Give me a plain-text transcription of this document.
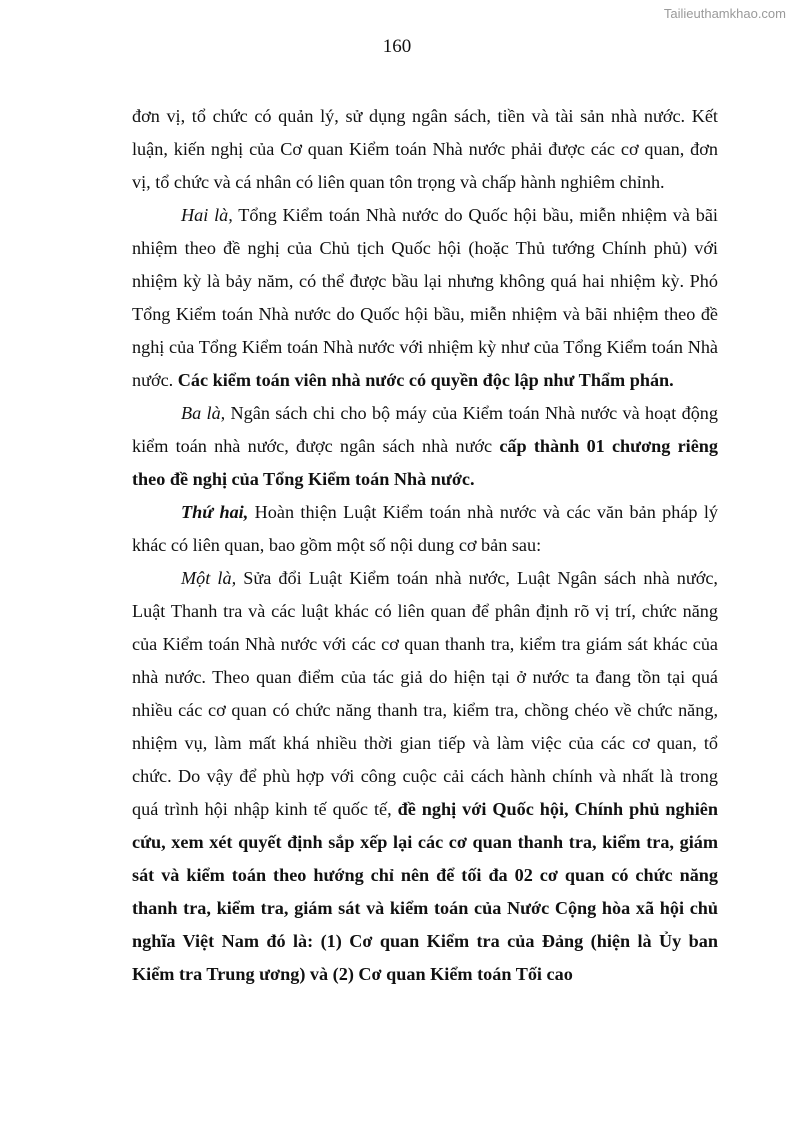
Tailieuthamkhao.com
160

đơn vị, tổ chức có quản lý, sử dụng ngân sách, tiền và tài sản nhà nước. Kết luận, kiến nghị của Cơ quan Kiểm toán Nhà nước phải được các cơ quan, đơn vị, tổ chức và cá nhân có liên quan tôn trọng và chấp hành nghiêm chỉnh.

Hai là, Tổng Kiểm toán Nhà nước do Quốc hội bầu, miễn nhiệm và bãi nhiệm theo đề nghị của Chủ tịch Quốc hội (hoặc Thủ tướng Chính phủ) với nhiệm kỳ là bảy năm, có thể được bầu lại nhưng không quá hai nhiệm kỳ. Phó Tổng Kiểm toán Nhà nước do Quốc hội bầu, miễn nhiệm và bãi nhiệm theo đề nghị của Tổng Kiểm toán Nhà nước với nhiệm kỳ như của Tổng Kiểm toán Nhà nước. Các kiểm toán viên nhà nước có quyền độc lập như Thẩm phán.

Ba là, Ngân sách chi cho bộ máy của Kiểm toán Nhà nước và hoạt động kiểm toán nhà nước, được ngân sách nhà nước cấp thành 01 chương riêng theo đề nghị của Tổng Kiểm toán Nhà nước.

Thứ hai, Hoàn thiện Luật Kiểm toán nhà nước và các văn bản pháp lý khác có liên quan, bao gồm một số nội dung cơ bản sau:

Một là, Sửa đổi Luật Kiểm toán nhà nước, Luật Ngân sách nhà nước, Luật Thanh tra và các luật khác có liên quan để phân định rõ vị trí, chức năng của Kiểm toán Nhà nước với các cơ quan thanh tra, kiểm tra giám sát khác của nhà nước. Theo quan điểm của tác giả do hiện tại ở nước ta đang tồn tại quá nhiều các cơ quan có chức năng thanh tra, kiểm tra, chồng chéo về chức năng, nhiệm vụ, làm mất khá nhiều thời gian tiếp và làm việc của các cơ quan, tổ chức. Do vậy để phù hợp với công cuộc cải cách hành chính và nhất là trong quá trình hội nhập kinh tế quốc tế, đề nghị với Quốc hội, Chính phủ nghiên cứu, xem xét quyết định sắp xếp lại các cơ quan thanh tra, kiểm tra, giám sát và kiểm toán theo hướng chỉ nên để tối đa 02 cơ quan có chức năng thanh tra, kiểm tra, giám sát và kiểm toán của Nước Cộng hòa xã hội chủ nghĩa Việt Nam đó là: (1) Cơ quan Kiểm tra của Đảng (hiện là Ủy ban Kiểm tra Trung ương) và (2) Cơ quan Kiểm toán Tối cao
